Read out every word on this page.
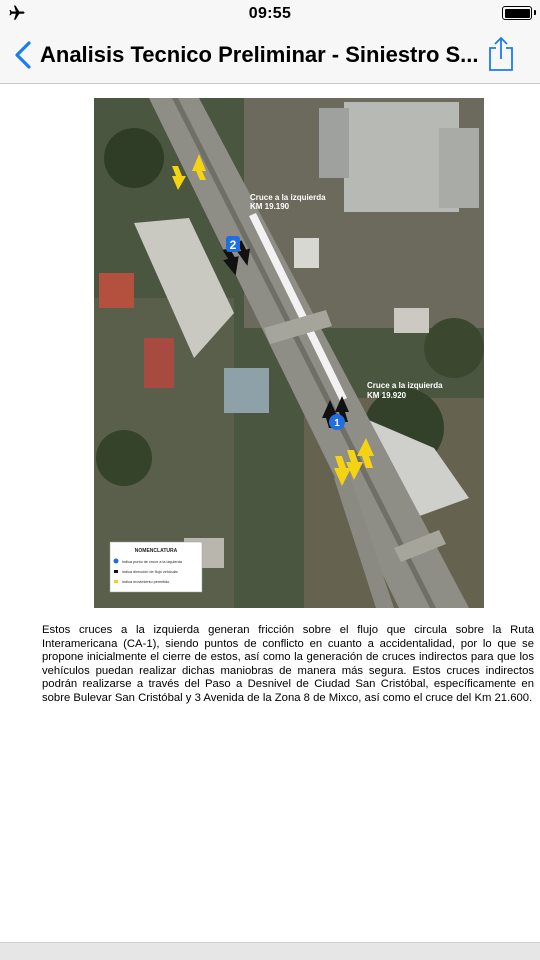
09:55
Analisis Tecnico Preliminar - Siniestro S...
2
1
Cruce a la izquierda
KM 19.190
Cruce a la izquierda
KM 19.920
NOMENCLATURA
Indica punto de cruce a la izquierda
Indica dirección de flujo vehicular
Indica movimiento permitido
Estos cruces a la izquierda generan fricción sobre el flujo que circula sobre la Ruta Interamericana (CA-1), siendo puntos de conflicto en cuanto a accidentalidad, por lo que se propone inicialmente el cierre de estos, así como la generación de cruces indirectos para que los vehículos puedan realizar dichas maniobras de manera más segura. Estos cruces indirectos podrán realizarse a través del Paso a Desnivel de Ciudad San Cristóbal, específicamente en sobre Bulevar San Cristóbal y 3 Avenida de la Zona 8 de Mixco, así como el cruce del Km 21.600.
